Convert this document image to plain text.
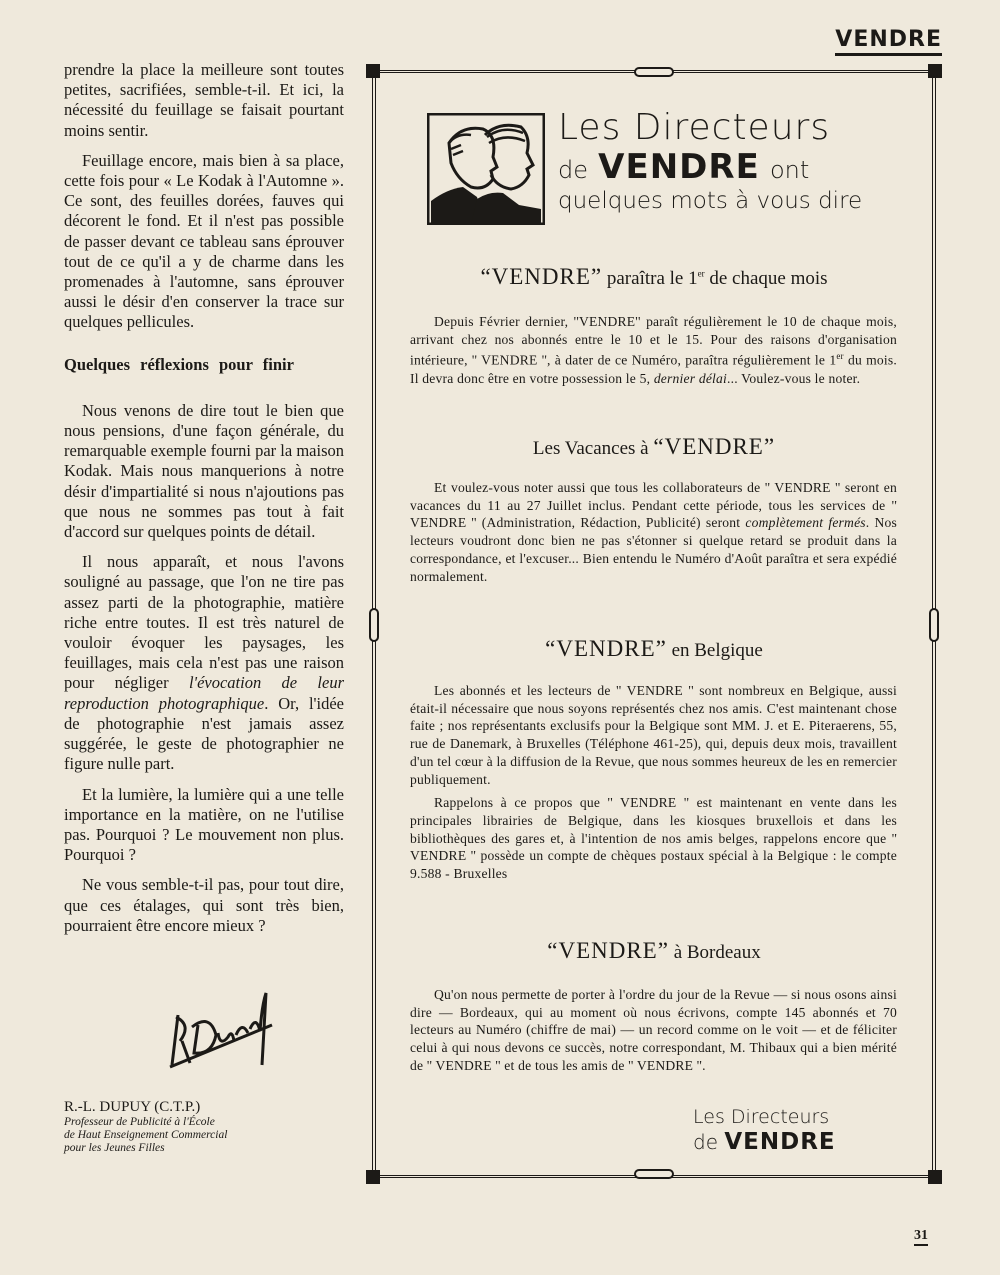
VENDRE

prendre la place la meilleure sont toutes petites, sacrifiées, semble-t-il. Et ici, la nécessité du feuillage se faisait pourtant moins sentir.

Feuillage encore, mais bien à sa place, cette fois pour « Le Kodak à l'Automne ». Ce sont, des feuilles dorées, fauves qui décorent le fond. Et il n'est pas possible de passer devant ce tableau sans éprouver tout de ce qu'il a y de charme dans les promenades à l'automne, sans éprouver aussi le désir d'en conserver la trace sur quelques pellicules.

Quelques réflexions pour finir

Nous venons de dire tout le bien que nous pensions, d'une façon générale, du remarquable exemple fourni par la maison Kodak. Mais nous manquerions à notre désir d'impartialité si nous n'ajoutions pas que nous ne sommes pas tout à fait d'accord sur quelques points de détail.

Il nous apparaît, et nous l'avons souligné au passage, que l'on ne tire pas assez parti de la photographie, matière riche entre toutes. Il est très naturel de vouloir évoquer les paysages, les feuillages, mais cela n'est pas une raison pour négliger l'évocation de leur reproduction photographique. Or, l'idée de photographie n'est jamais assez suggérée, le geste de photographier ne figure nulle part.

Et la lumière, la lumière qui a une telle importance en la matière, on ne l'utilise pas. Pourquoi ? Le mouvement non plus. Pourquoi ?

Ne vous semble-t-il pas, pour tout dire, que ces étalages, qui sont très bien, pourraient être encore mieux ?

R.-L. DUPUY (C.T.P.)
Professeur de Publicité à l'École
de Haut Enseignement Commercial
pour les Jeunes Filles
Les Directeurs
de VENDRE ont
quelques mots à vous dire
“VENDRE” paraîtra le 1er de chaque mois

Depuis Février dernier, ''VENDRE'' paraît régulièrement le 10 de chaque mois, arrivant chez nos abonnés entre le 10 et le 15. Pour des raisons d'organisation intérieure, '' VENDRE '', à dater de ce Numéro, paraîtra régulièrement le 1er du mois. Il devra donc être en votre possession le 5, dernier délai... Voulez-vous le noter.

Les Vacances à “VENDRE”

Et voulez-vous noter aussi que tous les collaborateurs de '' VENDRE '' seront en vacances du 11 au 27 Juillet inclus. Pendant cette période, tous les services de '' VENDRE '' (Administration, Rédaction, Publicité) seront complètement fermés. Nos lecteurs voudront donc bien ne pas s'étonner si quelque retard se produit dans la correspondance, et l'excuser... Bien entendu le Numéro d'Août paraîtra et sera expédié normalement.

“VENDRE” en Belgique

Les abonnés et les lecteurs de '' VENDRE '' sont nombreux en Belgique, aussi était-il nécessaire que nous soyons représentés chez nos amis. C'est maintenant chose faite ; nos représentants exclusifs pour la Belgique sont MM. J. et E. Piteraerens, 55, rue de Danemark, à Bruxelles (Téléphone 461-25), qui, depuis deux mois, travaillent d'un tel cœur à la diffusion de la Revue, que nous sommes heureux de les en remercier publiquement.

Rappelons à ce propos que '' VENDRE '' est maintenant en vente dans les principales librairies de Belgique, dans les kiosques bruxellois et dans les bibliothèques des gares et, à l'intention de nos amis belges, rappelons encore que '' VENDRE '' possède un compte de chèques postaux spécial à la Belgique : le compte 9.588 - Bruxelles

“VENDRE” à Bordeaux

Qu'on nous permette de porter à l'ordre du jour de la Revue — si nous osons ainsi dire — Bordeaux, qui au moment où nous écrivons, compte 145 abonnés et 70 lecteurs au Numéro (chiffre de mai) — un record comme on le voit — et de féliciter celui à qui nous devons ce succès, notre correspondant, M. Thibaux qui a bien mérité de '' VENDRE '' et de tous les amis de '' VENDRE ''.

Les Directeurs
de VENDRE
31
